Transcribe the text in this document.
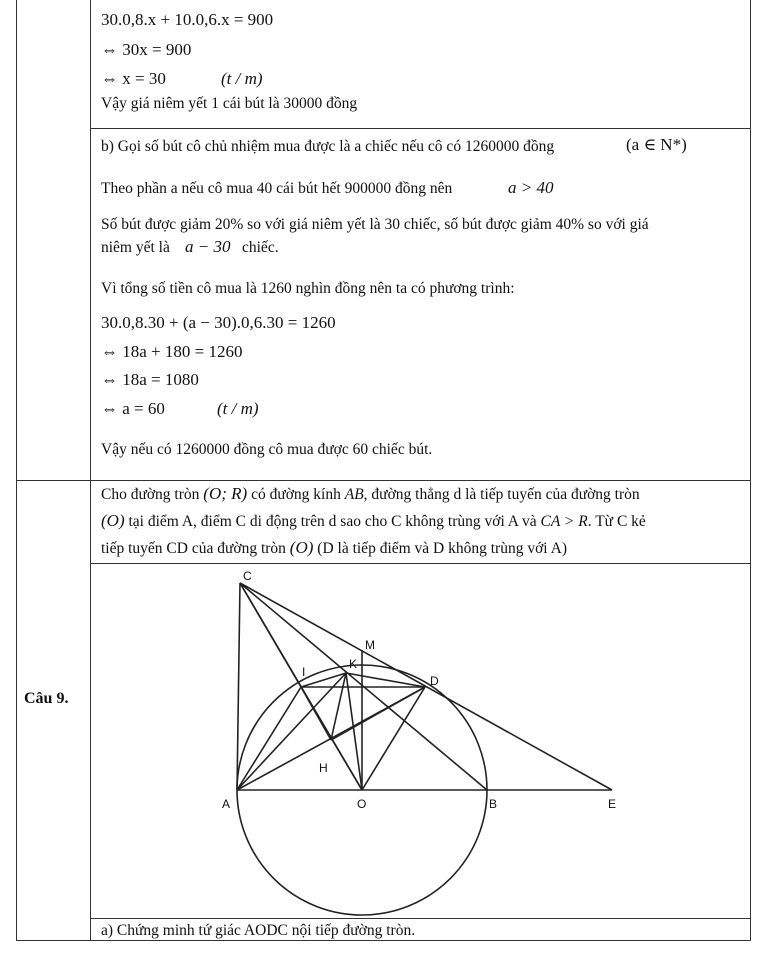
30.0,8.x + 10.0,6.x = 900
⇔ 30x = 900
⇔ x = 30	(t / m)
Vậy giá niêm yết 1 cái bút là 30000 đồng
b) Gọi số bút cô chủ nhiệm mua được là a chiếc nếu cô có 1260000 đồng	(a ∈ N*)
Theo phần a nếu cô mua 40 cái bút hết 900000 đồng nên	a > 40
Số bút được giảm 20% so với giá niêm yết là 30 chiếc, số bút được giảm 40% so với giá
niêm yết là a − 30 chiếc.
Vì tổng số tiền cô mua là 1260 nghìn đồng nên ta có phương trình:
30.0,8.30 + (a − 30).0,6.30 = 1260
⇔ 18a + 180 = 1260
⇔ 18a = 1080
⇔ a = 60	(t / m)
Vậy nếu có 1260000 đồng cô mua được 60 chiếc bút.
Câu 9.
Cho đường tròn (O; R) có đường kính AB, đường thẳng d là tiếp tuyến của đường tròn
(O) tại điểm A, điểm C di động trên d sao cho C không trùng với A và CA > R. Từ C kẻ
tiếp tuyến CD của đường tròn (O) (D là tiếp điểm và D không trùng với A)
C
M
K
I
D
H
A	O	B	E
a) Chứng minh tứ giác AODC nội tiếp đường tròn.
